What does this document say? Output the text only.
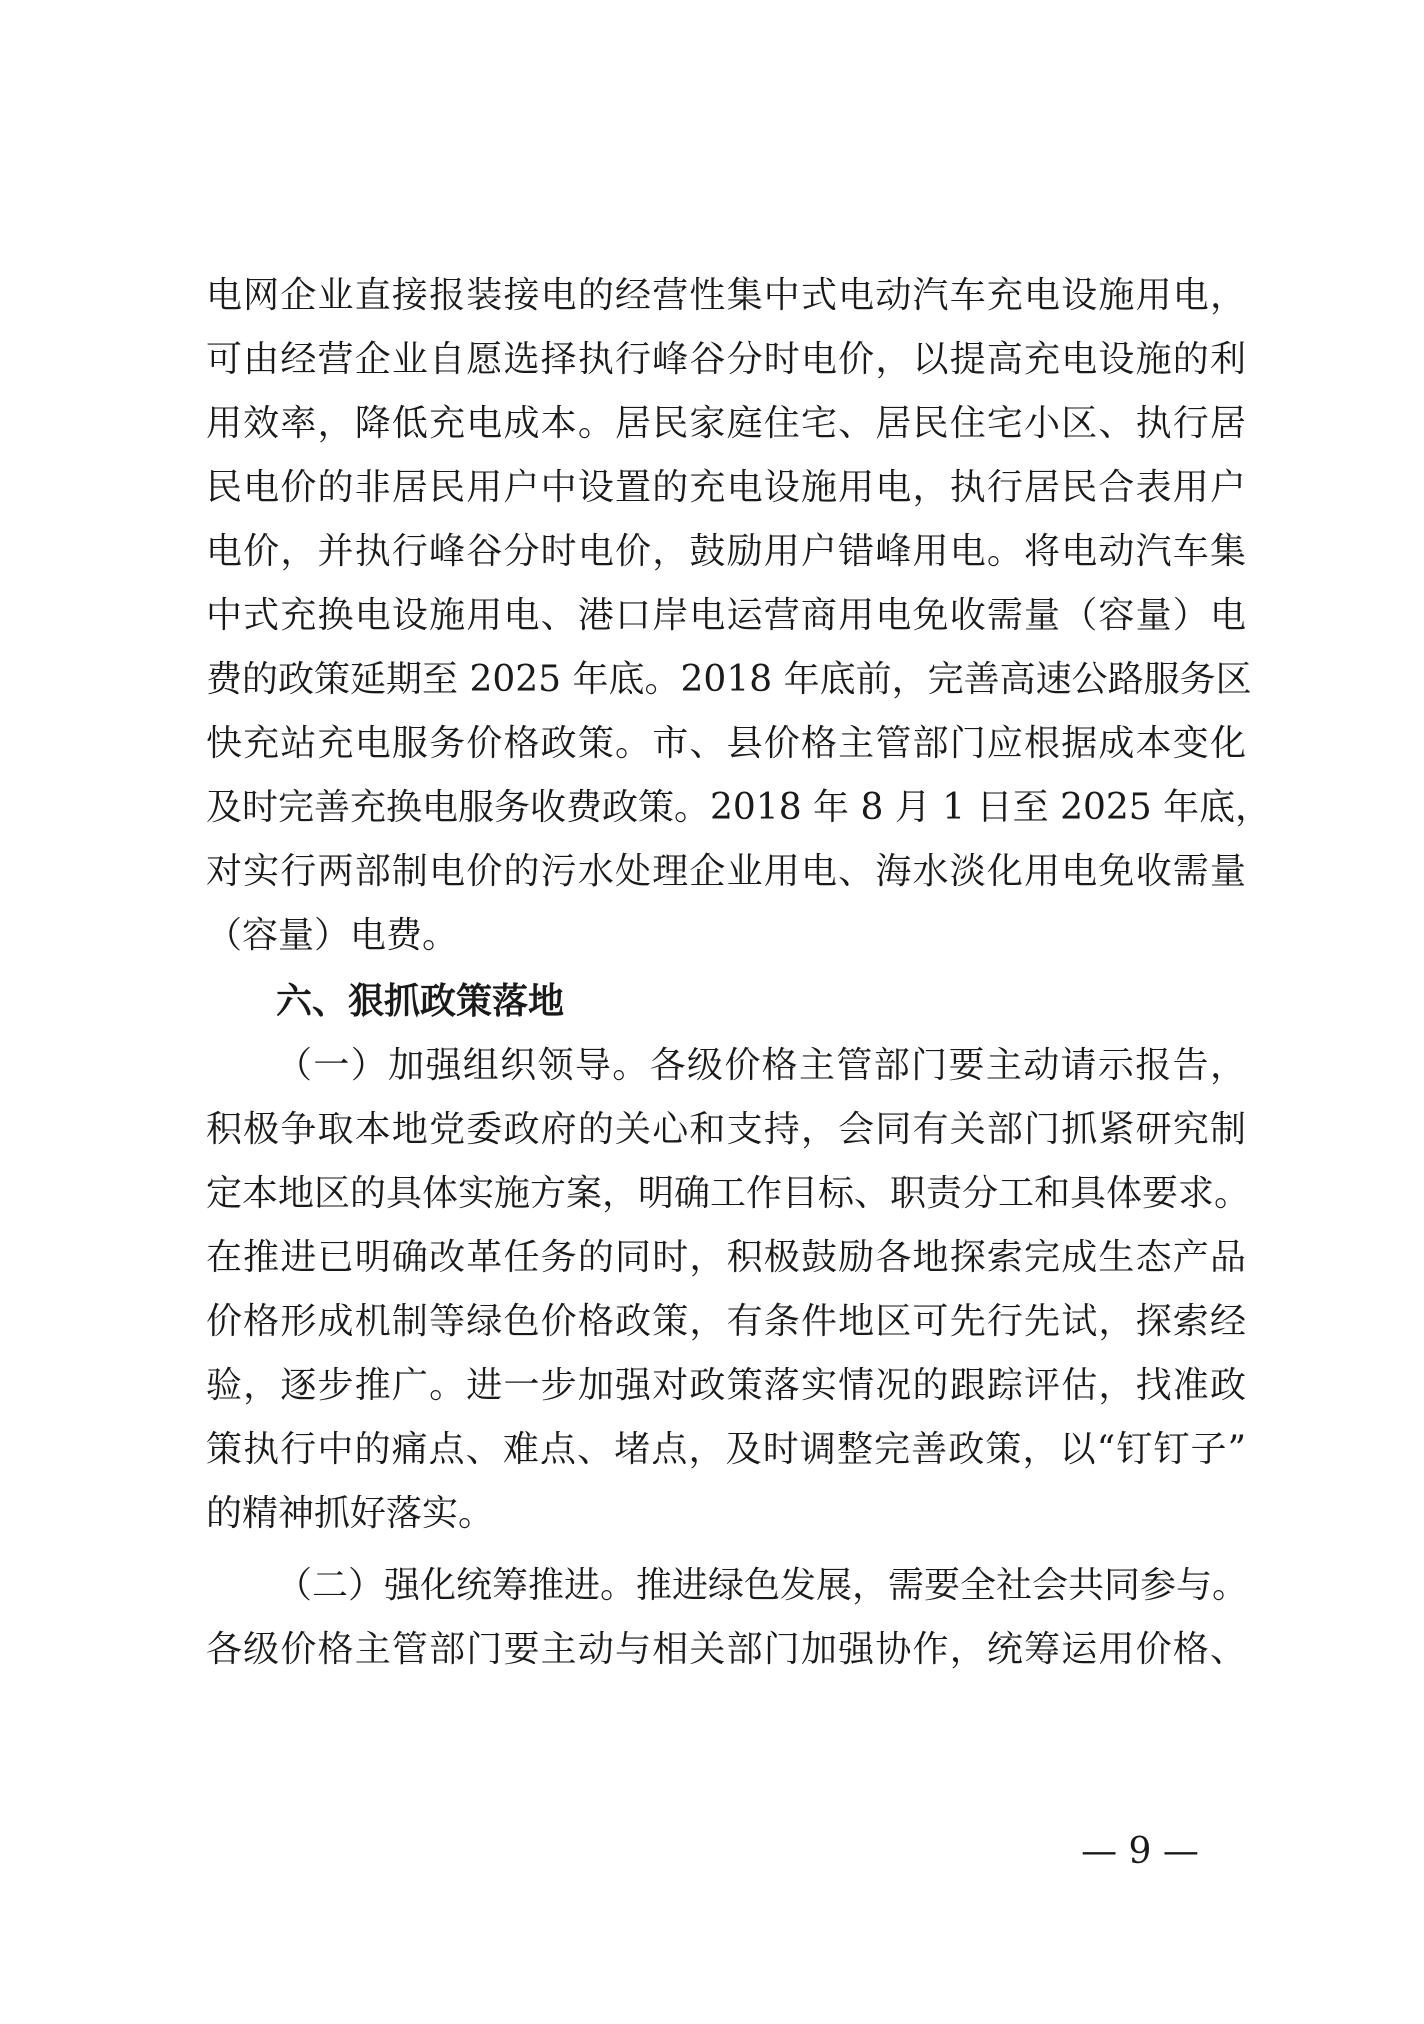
电网企业直接报装接电的经营性集中式电动汽车充电设施用电，
可由经营企业自愿选择执行峰谷分时电价，以提高充电设施的利
用效率，降低充电成本。居民家庭住宅、居民住宅小区、执行居
民电价的非居民用户中设置的充电设施用电，执行居民合表用户
电价，并执行峰谷分时电价，鼓励用户错峰用电。将电动汽车集
中式充换电设施用电、港口岸电运营商用电免收需量（容量）电
费的政策延期至 2025 年底。2018 年底前，完善高速公路服务区
快充站充电服务价格政策。市、县价格主管部门应根据成本变化
及时完善充换电服务收费政策。2018 年 8 月 1 日至 2025 年底，
对实行两部制电价的污水处理企业用电、海水淡化用电免收需量
（容量）电费。
六、狠抓政策落地
（一）加强组织领导。各级价格主管部门要主动请示报告，
积极争取本地党委政府的关心和支持，会同有关部门抓紧研究制
定本地区的具体实施方案，明确工作目标、职责分工和具体要求。
在推进已明确改革任务的同时，积极鼓励各地探索完成生态产品
价格形成机制等绿色价格政策，有条件地区可先行先试，探索经
验，逐步推广。进一步加强对政策落实情况的跟踪评估，找准政
策执行中的痛点、难点、堵点，及时调整完善政策，以“钉钉子”
的精神抓好落实。
（二）强化统筹推进。推进绿色发展，需要全社会共同参与。
各级价格主管部门要主动与相关部门加强协作，统筹运用价格、
— 9 —
